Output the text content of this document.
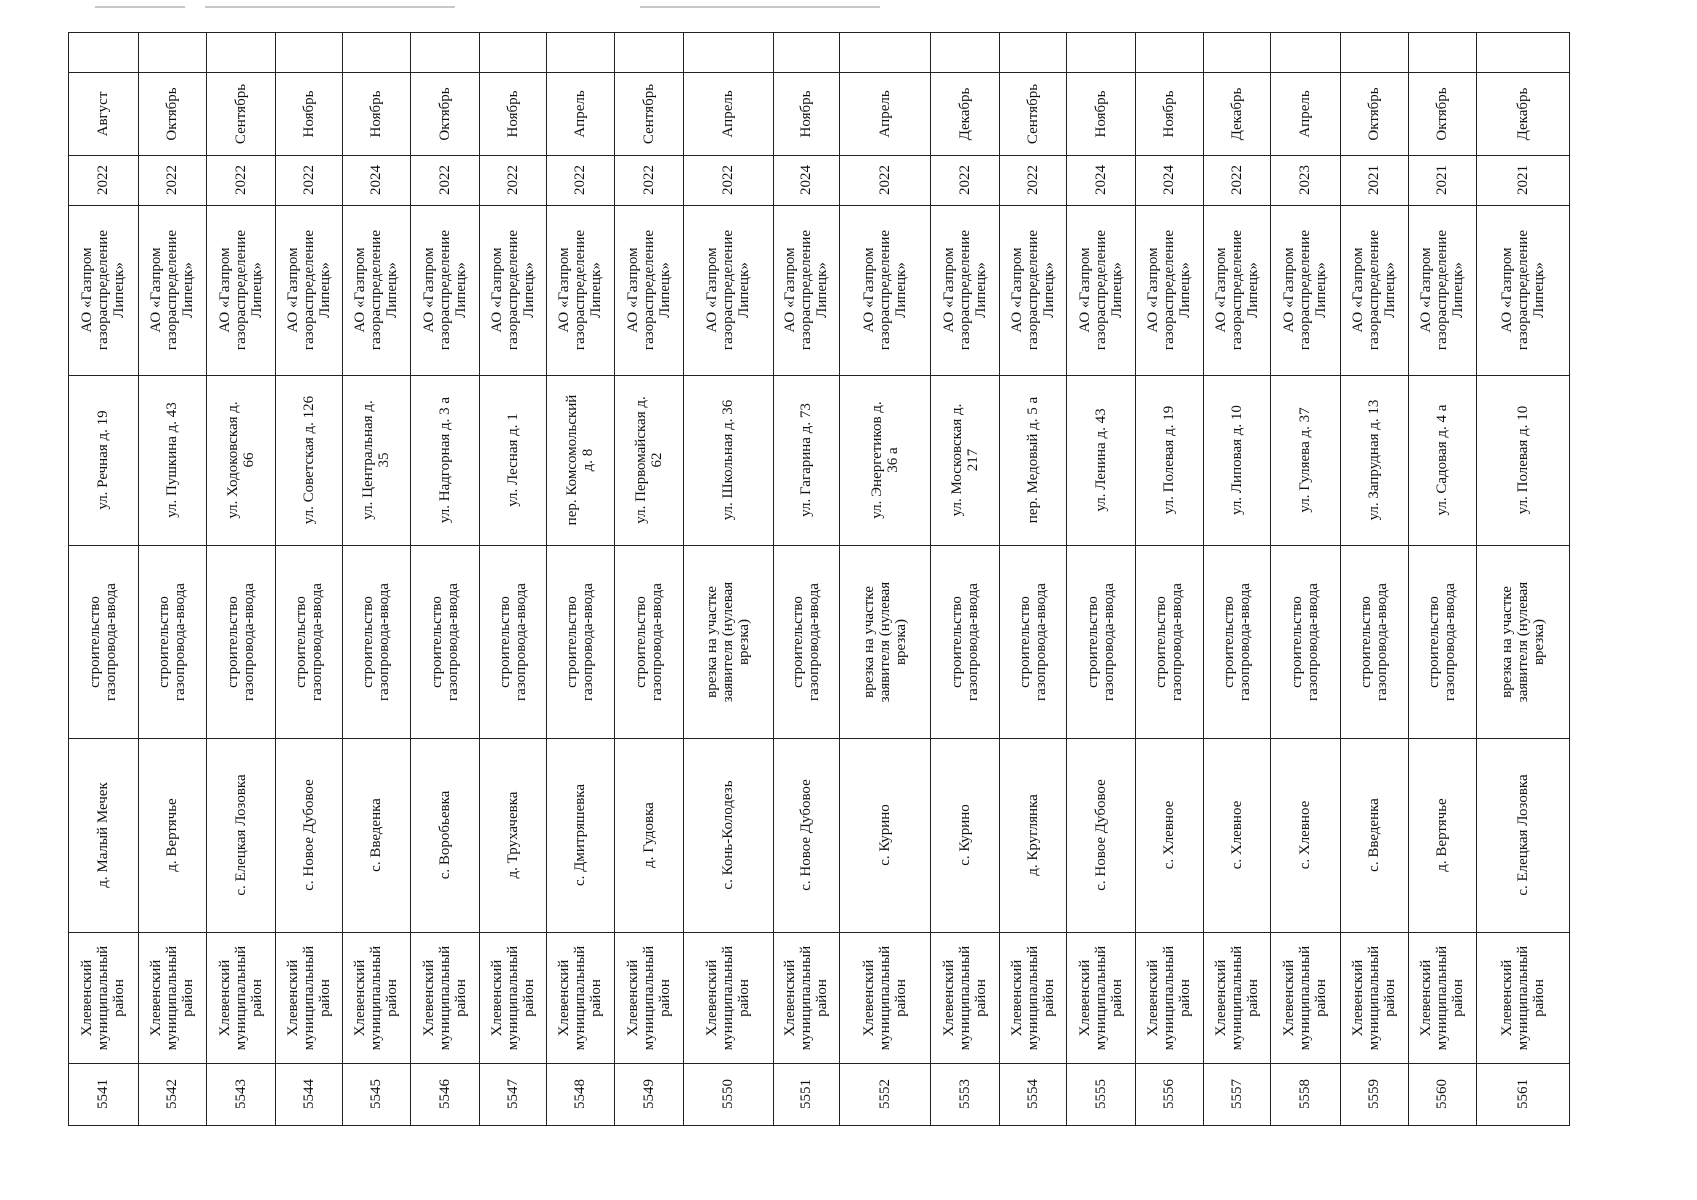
5541
Хлевенский
муниципальный
район
д. Малый Мечек
строительство
газопровода-ввода
ул. Речная д. 19
АО «Газпром
газораспределение
Липецк»
2022
Август
5542
Хлевенский
муниципальный
район
д. Вертячье
строительство
газопровода-ввода
ул. Пушкина д. 43
АО «Газпром
газораспределение
Липецк»
2022
Октябрь
5543
Хлевенский
муниципальный
район
с. Елецкая Лозовка
строительство
газопровода-ввода
ул. Ходоковская д.
66
АО «Газпром
газораспределение
Липецк»
2022
Сентябрь
5544
Хлевенский
муниципальный
район
с. Новое Дубовое
строительство
газопровода-ввода
ул. Советская д. 126
АО «Газпром
газораспределение
Липецк»
2022
Ноябрь
5545
Хлевенский
муниципальный
район
с. Введенка
строительство
газопровода-ввода
ул. Центральная д.
35
АО «Газпром
газораспределение
Липецк»
2024
Ноябрь
5546
Хлевенский
муниципальный
район
с. Воробьевка
строительство
газопровода-ввода
ул. Надгорная д. 3 а
АО «Газпром
газораспределение
Липецк»
2022
Октябрь
5547
Хлевенский
муниципальный
район
д. Трухачевка
строительство
газопровода-ввода
ул. Лесная д. 1
АО «Газпром
газораспределение
Липецк»
2022
Ноябрь
5548
Хлевенский
муниципальный
район
с. Дмитряшевка
строительство
газопровода-ввода
пер. Комсомольский
д. 8
АО «Газпром
газораспределение
Липецк»
2022
Апрель
5549
Хлевенский
муниципальный
район
д. Гудовка
строительство
газопровода-ввода
ул. Первомайская д.
62
АО «Газпром
газораспределение
Липецк»
2022
Сентябрь
5550
Хлевенский
муниципальный
район
с. Конь-Колодезь
врезка на участке
заявителя (нулевая
врезка)
ул. Школьная д. 36
АО «Газпром
газораспределение
Липецк»
2022
Апрель
5551
Хлевенский
муниципальный
район
с. Новое Дубовое
строительство
газопровода-ввода
ул. Гагарина д. 73
АО «Газпром
газораспределение
Липецк»
2024
Ноябрь
5552
Хлевенский
муниципальный
район
с. Курино
врезка на участке
заявителя (нулевая
врезка)
ул. Энергетиков д.
36 а
АО «Газпром
газораспределение
Липецк»
2022
Апрель
5553
Хлевенский
муниципальный
район
с. Курино
строительство
газопровода-ввода
ул. Московская д.
217
АО «Газпром
газораспределение
Липецк»
2022
Декабрь
5554
Хлевенский
муниципальный
район
д. Круглянка
строительство
газопровода-ввода
пер. Медовый д. 5 а
АО «Газпром
газораспределение
Липецк»
2022
Сентябрь
5555
Хлевенский
муниципальный
район
с. Новое Дубовое
строительство
газопровода-ввода
ул. Ленина д. 43
АО «Газпром
газораспределение
Липецк»
2024
Ноябрь
5556
Хлевенский
муниципальный
район
с. Хлевное
строительство
газопровода-ввода
ул. Полевая д. 19
АО «Газпром
газораспределение
Липецк»
2024
Ноябрь
5557
Хлевенский
муниципальный
район
с. Хлевное
строительство
газопровода-ввода
ул. Липовая д. 10
АО «Газпром
газораспределение
Липецк»
2022
Декабрь
5558
Хлевенский
муниципальный
район
с. Хлевное
строительство
газопровода-ввода
ул. Гуляева д. 37
АО «Газпром
газораспределение
Липецк»
2023
Апрель
5559
Хлевенский
муниципальный
район
с. Введенка
строительство
газопровода-ввода
ул. Запрудная д. 13
АО «Газпром
газораспределение
Липецк»
2021
Октябрь
5560
Хлевенский
муниципальный
район
д. Вертячье
строительство
газопровода-ввода
ул. Садовая д. 4 а
АО «Газпром
газораспределение
Липецк»
2021
Октябрь
5561
Хлевенский
муниципальный
район
с. Елецкая Лозовка
врезка на участке
заявителя (нулевая
врезка)
ул. Полевая д. 10
АО «Газпром
газораспределение
Липецк»
2021
Декабрь
